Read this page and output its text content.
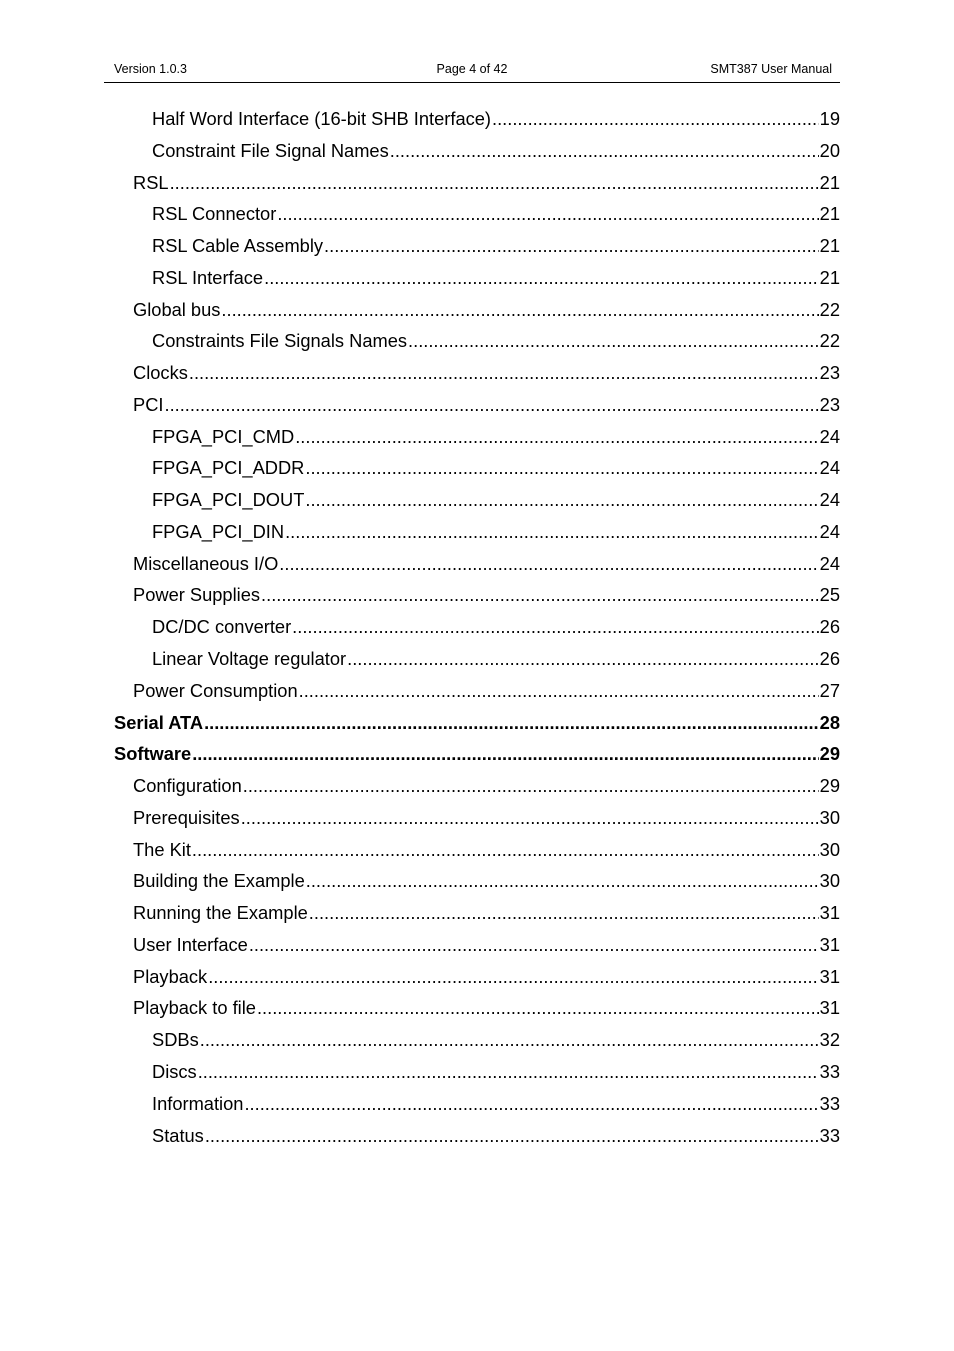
Version 1.0.3	Page 4 of 42	SMT387 User Manual
Half Word Interface (16-bit SHB Interface) .....	19
Constraint File Signal Names .....	20
RSL .....	21
RSL Connector .....	21
RSL Cable Assembly .....	21
RSL Interface .....	21
Global bus .....	22
Constraints File Signals Names .....	22
Clocks .....	23
PCI .....	23
FPGA_PCI_CMD .....	24
FPGA_PCI_ADDR .....	24
FPGA_PCI_DOUT .....	24
FPGA_PCI_DIN .....	24
Miscellaneous I/O .....	24
Power Supplies .....	25
DC/DC converter .....	26
Linear Voltage regulator .....	26
Power Consumption .....	27
Serial ATA .....	28
Software .....	29
Configuration .....	29
Prerequisites .....	30
The Kit .....	30
Building the Example .....	30
Running the Example .....	31
User Interface .....	31
Playback .....	31
Playback to file .....	31
SDBs .....	32
Discs .....	33
Information .....	33
Status .....	33
